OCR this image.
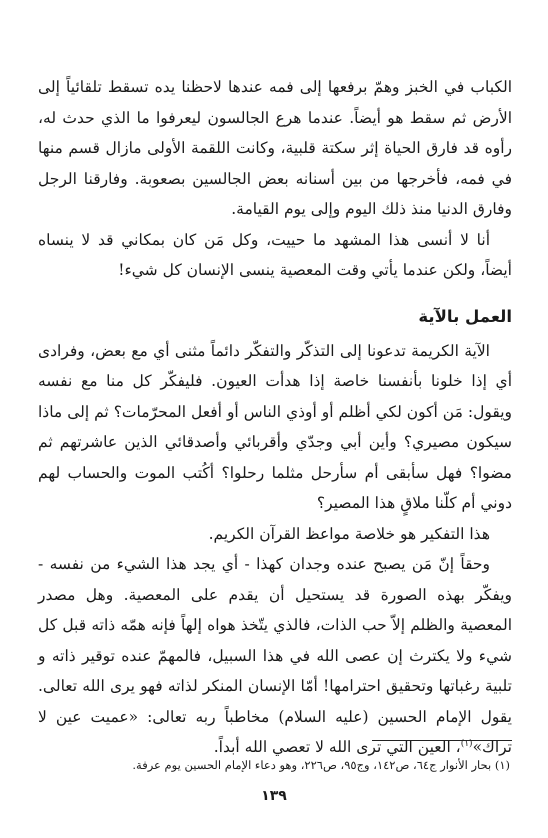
الكباب في الخبز وهمّ برفعها إلى فمه عندها لاحظنا يده تسقط تلقائياً إلى الأرض ثم سقط هو أيضاً. عندما هرع الجالسون ليعرفوا ما الذي حدث له، رأوه قد فارق الحياة إثر سكتة قلبية، وكانت اللقمة الأولى مازال قسم منها في فمه، فأخرجها من بين أسنانه بعض الجالسين بصعوبة. وفارقنا الرجل وفارق الدنيا منذ ذلك اليوم وإلى يوم القيامة.

أنا لا أنسى هذا المشهد ما حييت، وكل مَن كان بمكاني قد لا ينساه أيضاً، ولكن عندما يأتي وقت المعصية ينسى الإنسان كل شيء!

العمل بالآية

الآية الكريمة تدعونا إلى التذكّر والتفكّر دائماً مثنى أي مع بعض، وفرادى أي إذا خلونا بأنفسنا خاصة إذا هدأت العيون. فليفكّر كل منا مع نفسه ويقول: مَن أكون لكي أظلم أو أوذي الناس أو أفعل المحرّمات؟ ثم إلى ماذا سيكون مصيري؟ وأين أبي وجدّي وأقربائي وأصدقائي الذين عاشرتهم ثم مضوا؟ فهل سأبقى أم سأرحل مثلما رحلوا؟ أكُتب الموت والحساب لهم دوني أم كلّنا ملاقٍ هذا المصير؟

هذا التفكير هو خلاصة مواعظ القرآن الكريم.

وحقاً إنّ مَن يصبح عنده وجدان كهذا - أي يجد هذا الشيء من نفسه - ويفكّر بهذه الصورة قد يستحيل أن يقدم على المعصية. وهل مصدر المعصية والظلم إلاّ حب الذات، فالذي يتّخذ هواه إلهاً فإنه همّه ذاته قبل كل شيء ولا يكترث إن عصى الله في هذا السبيل، فالمهمّ عنده توقير ذاته و تلبية رغباتها وتحقيق احترامها! أمّا الإنسان المنكر لذاته فهو يرى الله تعالى. يقول الإمام الحسين (عليه السلام) مخاطباً ربه تعالى: «عميت عين لا تراك»$^{(١)}$، العين التي ترى الله لا تعصي الله أبداً.

(١) بحار الأنوار ج٦٤، ص١٤٢، وج٩٥، ص٢٢٦، وهو دعاء الإمام الحسين يوم عرفة.
١٣٩
